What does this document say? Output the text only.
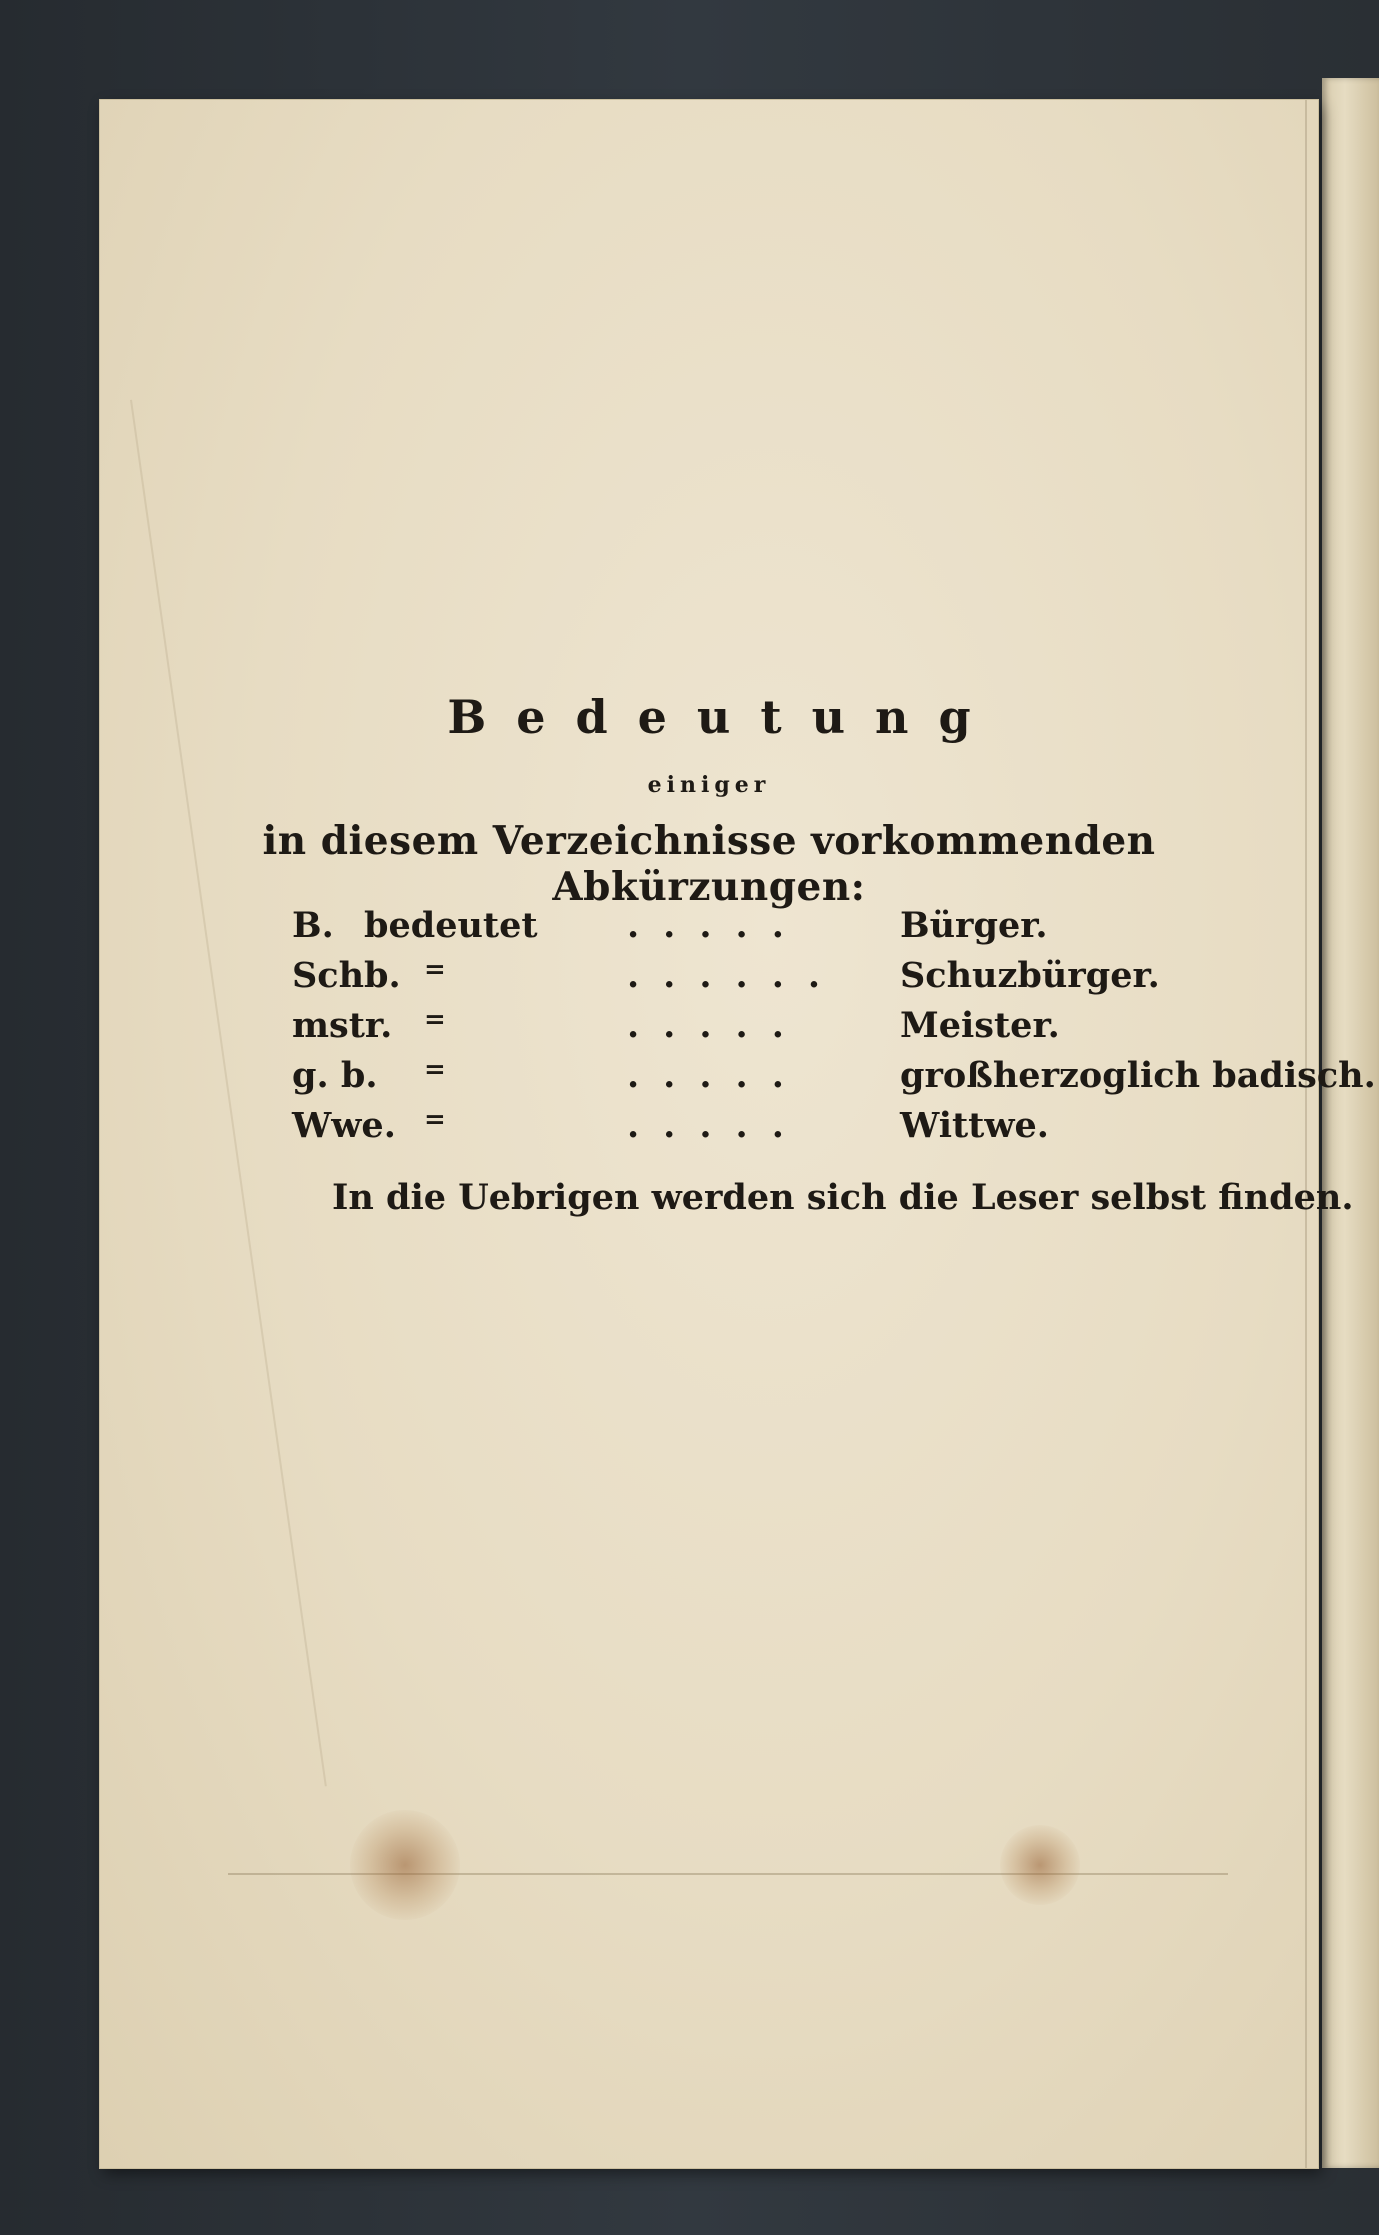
Bedeutung
einiger
in diesem Verzeichnisse vorkommenden Abkürzungen:
B. bedeutet	.....	Bürger.
Schb. =	...... Schuzbürger.
mstr. =	.....	Meister.
g. b. =	.....	großherzoglich badisch.
Wwe. =	.....	Wittwe.
In die Uebrigen werden sich die Leser selbst finden.
